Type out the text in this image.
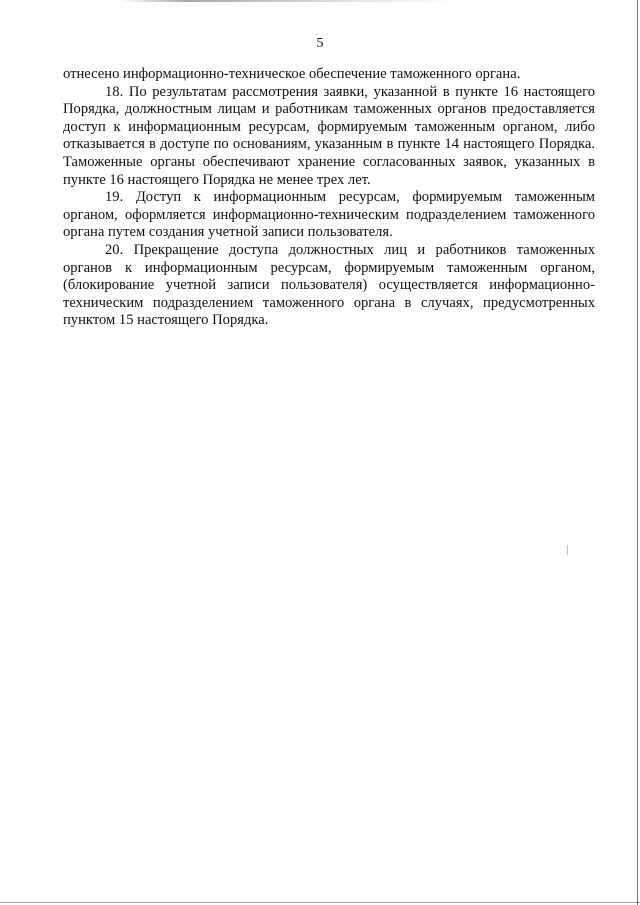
5

отнесено информационно-техническое обеспечение таможенного органа.

18. По результатам рассмотрения заявки, указанной в пункте 16 настоящего Порядка, должностным лицам и работникам таможенных органов предоставляется доступ к информационным ресурсам, формируемым таможенным органом, либо отказывается в доступе по основаниям, указанным в пункте 14 настоящего Порядка. Таможенные органы обеспечивают хранение согласованных заявок, указанных в пункте 16 настоящего Порядка не менее трех лет.

19. Доступ к информационным ресурсам, формируемым таможенным органом, оформляется информационно-техническим подразделением таможенного органа путем создания учетной записи пользователя.

20. Прекращение доступа должностных лиц и работников таможенных органов к информационным ресурсам, формируемым таможенным органом, (блокирование учетной записи пользователя) осуществляется информационно-техническим подразделением таможенного органа в случаях, предусмотренных пунктом 15 настоящего Порядка.
